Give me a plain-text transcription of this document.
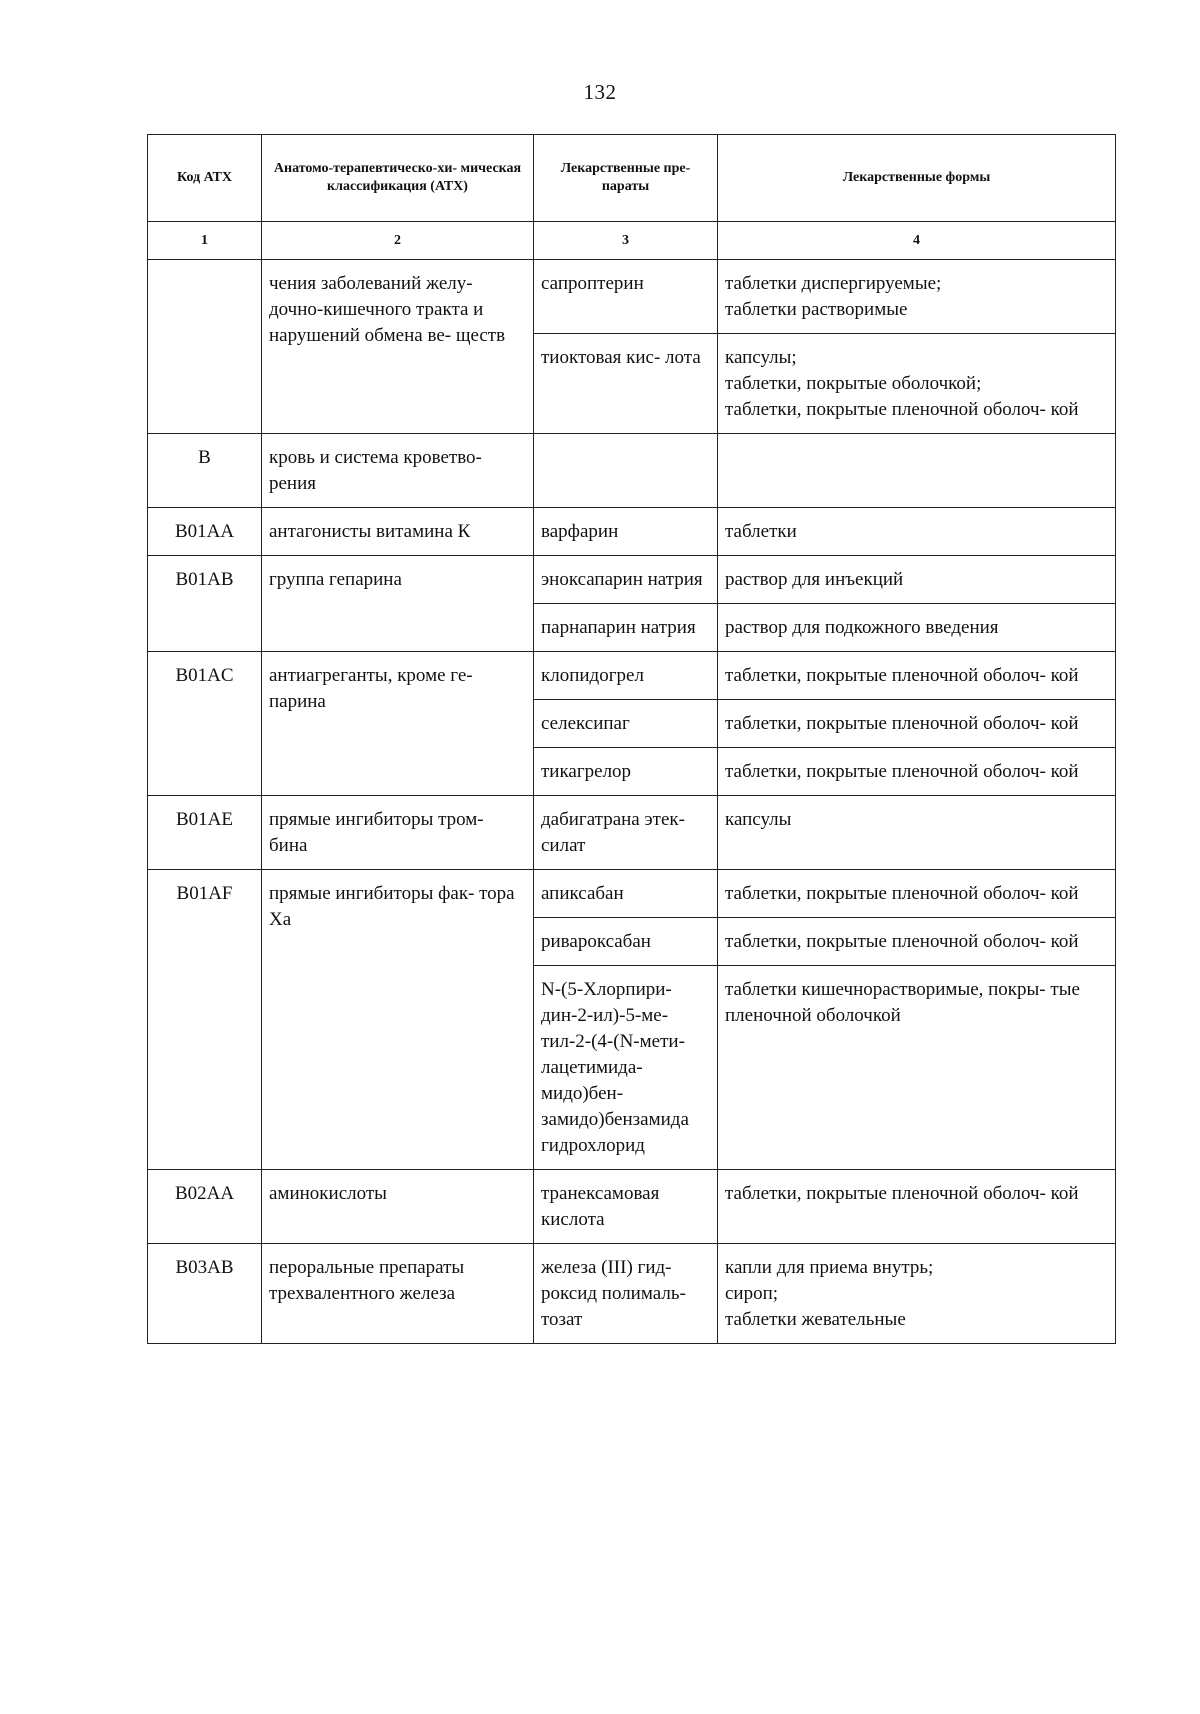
132
Код АТХ	Анатомо-терапевтическо-хи- мическая классификация (АТХ)	Лекарственные пре- параты	Лекарственные формы
1	2	3	4
	чения заболеваний желу- дочно-кишечного тракта и нарушений обмена ве- ществ	сапроптерин	таблетки диспергируемые;
таблетки растворимые

		тиоктовая кис- лота	капсулы;
таблетки, покрытые оболочкой;
таблетки, покрытые пленочной оболоч- кой

B	кровь и система кроветво- рения		

B01AA	антагонисты витамина К	варфарин	таблетки

B01AB	группа гепарина	эноксапарин натрия	раствор для инъекций

		парнапарин натрия	раствор для подкожного введения

B01AC	антиагреганты, кроме ге- парина	клопидогрел	таблетки, покрытые пленочной оболоч- кой

		селексипаг	таблетки, покрытые пленочной оболоч- кой

		тикагрелор	таблетки, покрытые пленочной оболоч- кой

B01AE	прямые ингибиторы тром- бина	дабигатрана этек- силат	капсулы

B01AF	прямые ингибиторы фак- тора Ха	апиксабан	таблетки, покрытые пленочной оболоч- кой

		ривароксабан	таблетки, покрытые пленочной оболоч- кой

		N-(5-Хлорпири- дин-2-ил)-5-ме- тил-2-(4-(N-мети- лацетимида- мидо)бен- замидо)бензамида гидрохлорид	таблетки кишечнорастворимые, покры- тые пленочной оболочкой

B02AA	аминокислоты	транексамовая кислота	таблетки, покрытые пленочной оболоч- кой

B03AB	пероральные препараты трехвалентного железа	железа (III) гид- роксид полималь- тозат	капли для приема внутрь;
сироп;
таблетки жевательные
